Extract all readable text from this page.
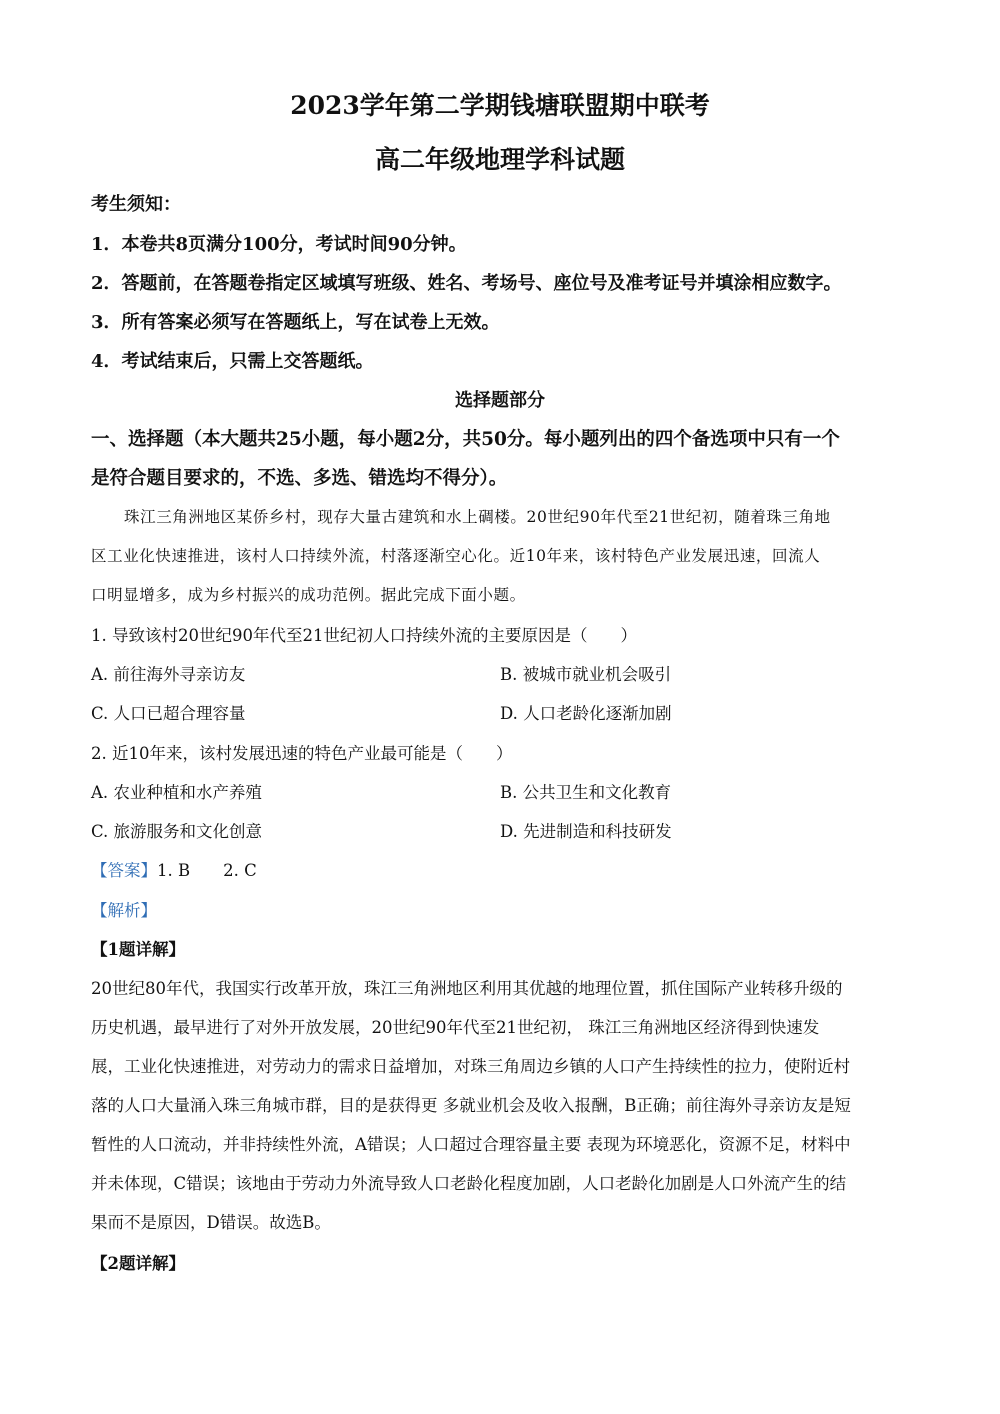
2023学年第二学期钱塘联盟期中联考
高二年级地理学科试题
考生须知：
1．本卷共8页满分100分，考试时间90分钟。
2．答题前，在答题卷指定区域填写班级、姓名、考场号、座位号及准考证号并填涂相应数字。
3．所有答案必须写在答题纸上，写在试卷上无效。
4．考试结束后，只需上交答题纸。
选择题部分
一、选择题（本大题共25小题，每小题2分，共50分。每小题列出的四个备选项中只有一个
是符合题目要求的，不选、多选、错选均不得分）。
珠江三角洲地区某侨乡村，现存大量古建筑和水上碉楼。20世纪90年代至21世纪初，随着珠三角地
区工业化快速推进，该村人口持续外流，村落逐渐空心化。近10年来，该村特色产业发展迅速，回流人
口明显增多，成为乡村振兴的成功范例。据此完成下面小题。
1. 导致该村20世纪90年代至21世纪初人口持续外流的主要原因是（　　）
A. 前往海外寻亲访友	B. 被城市就业机会吸引
C. 人口已超合理容量	D. 人口老龄化逐渐加剧
2. 近10年来，该村发展迅速的特色产业最可能是（　　）
A. 农业种植和水产养殖	B. 公共卫生和文化教育
C. 旅游服务和文化创意	D. 先进制造和科技研发
【答案】1. B　　2. C
【解析】
【1题详解】
20世纪80年代，我国实行改革开放，珠江三角洲地区利用其优越的地理位置，抓住国际产业转移升级的
历史机遇，最早进行了对外开放发展，20世纪90年代至21世纪初， 珠江三角洲地区经济得到快速发
展，工业化快速推进，对劳动力的需求日益增加，对珠三角周边乡镇的人口产生持续性的拉力，使附近村
落的人口大量涌入珠三角城市群，目的是获得更 多就业机会及收入报酬，B正确；前往海外寻亲访友是短
暂性的人口流动，并非持续性外流，A错误；人口超过合理容量主要 表现为环境恶化，资源不足，材料中
并未体现，C错误；该地由于劳动力外流导致人口老龄化程度加剧，人口老龄化加剧是人口外流产生的结
果而不是原因，D错误。故选B。
【2题详解】
